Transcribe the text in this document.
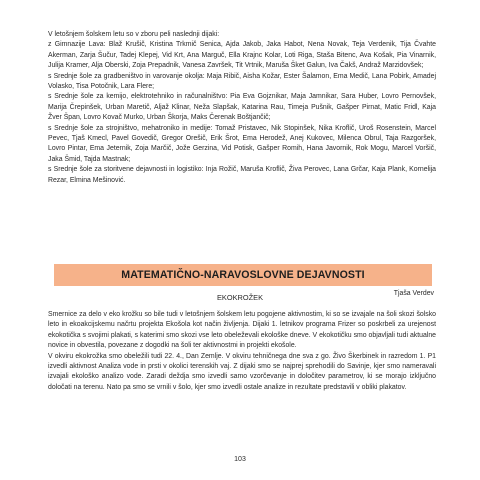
V letošnjem šolskem letu so v zboru peli naslednji dijaki:

z Gimnazije Lava: Blaž Krušič, Kristina Trkmič Senica, Ajda Jakob, Jaka Habot, Nena Novak, Teja Verdenik, Tija Čvahte Akerman, Zarja Šučur, Tadej Klepej, Vid Krt, Ana Marguč, Ella Krajnc Kolar, Loti Riga, Staša Bitenc, Ava Košak, Pia Vinarnik, Julija Kramer, Alja Oberski, Zoja Prepadnik, Vanesa Završek, Tit Vrtnik, Maruša Šket Galun, Iva Čakš, Andraž Marzidovšek;

s Srednje šole za gradbeništvo in varovanje okolja: Maja Ribič, Aisha Kožar, Ester Šalamon, Ema Medič, Lana Pobirk, Amadej Volasko, Tisa Potočnik, Lara Flere;

s Srednje šole za kemijo, elektrotehniko in računalništvo: Pia Eva Gojznikar, Maja Jamnikar, Sara Huber, Lovro Pernovšek, Marija Črepinšek, Urban Maretič, Aljaž Klinar, Neža Slapšak, Katarina Rau, Timeja Pušnik, Gašper Pirnat, Matic Fridl, Kaja Žver Špan, Lovro Kovač Murko, Urban Škorja, Maks Čerenak Boštjančič;

s Srednje šole za strojništvo, mehatroniko in medije: Tomaž Pristavec, Nik Stopinšek, Nika Kroflič, Uroš Rosenstein, Marcel Pevec, Tjaš Kmecl, Pavel Govedič, Gregor Orešič, Erik Šrot, Ema Herodež, Anej Kukovec, Milenca Obrul, Taja Razgoršek, Lovro Pintar, Ema Jeternik, Zoja Marčič, Jože Gerzina, Vid Potisk, Gašper Romih, Hana Javornik, Rok Mogu, Marcel Voršič, Jaka Šmid, Tajda Mastnak;

s Srednje šole za storitvene dejavnosti in logistiko: Inja Rožič, Maruša Kroflič, Živa Perovec, Lana Grčar, Kaja Plank, Kornelija Rezar, Elmina Mešinović.

Tjaša Verdev
MATEMATIČNO-NARAVOSLOVNE DEJAVNOSTI
EKOKROŽEK

Smernice za delo v eko krožku so bile tudi v letošnjem šolskem letu pogojene aktivnostim, ki so se izvajale na šoli skozi šolsko leto in ekoakcijskemu načrtu projekta Ekošola kot način življenja. Dijaki 1. letnikov programa Frizer so poskrbeli za urejenost ekokotička s svojimi plakati, s katerimi smo skozi vse leto obeleževali ekološke dneve. V ekokotičku smo objavljali tudi aktualne novice in obvestila, povezane z dogodki na šoli ter aktivnostmi in projekti ekošole.

V okviru ekokrožka smo obeležili tudi 22. 4., Dan Zemlje. V okviru tehničnega dne sva z go. Živo Škerbinek in razredom 1. P1 izvedli aktivnost Analiza vode in prsti v okolici terenskih vaj. Z dijaki smo se najprej sprehodili do Savinje, kjer smo nameravali izvajali ekološko analizo vode. Zaradi deždja smo izvedli samo vzorčevanje in določitev parametrov, ki se morajo izključno določati na terenu. Nato pa smo se vrnili v šolo, kjer smo izvedli ostale analize in rezultate predstavili v obliki plakatov.

103
